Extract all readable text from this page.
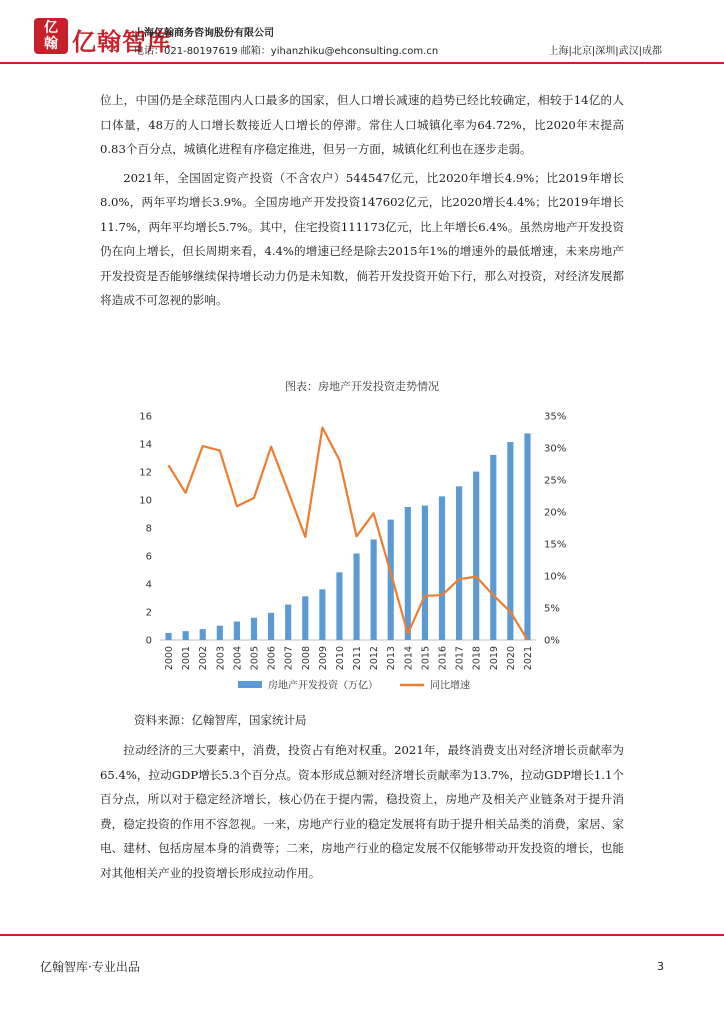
亿
翰 亿翰智库
上海亿翰商务咨询股份有限公司
电话：021-80197619 邮箱：yihanzhiku@ehconsulting.com.cn	上海|北京|深圳|武汉|成都

位上，中国仍是全球范围内人口最多的国家，但人口增长减速的趋势已经比较确定，相较于14亿的人口体量，48万的人口增长数接近人口增长的停滞。常住人口城镇化率为64.72%，比2020年末提高0.83个百分点，城镇化进程有序稳定推进，但另一方面，城镇化红利也在逐步走弱。

2021年，全国固定资产投资（不含农户）544547亿元，比2020年增长4.9%；比2019年增长8.0%，两年平均增长3.9%。全国房地产开发投资147602亿元，比2020增长4.4%；比2019年增长11.7%，两年平均增长5.7%。其中，住宅投资111173亿元，比上年增长6.4%。虽然房地产开发投资仍在向上增长，但长周期来看，4.4%的增速已经是除去2015年1%的增速外的最低增速，未来房地产开发投资是否能够继续保持增长动力仍是未知数，倘若开发投资开始下行，那么对投资，对经济发展都将造成不可忽视的影响。

图表：房地产开发投资走势情况
0
2
4
6
8
10
12
14
16
0%
5%
10%
15%
20%
25%
30%
35%
2000 2001 2002 2003 2004 2005 2006 2007 2008 2009 2010 2011 2012 2013 2014 2015 2016 2017 2018 2019 2020 2021
房地产开发投资（万亿）	同比增速
资料来源：亿翰智库，国家统计局

拉动经济的三大要素中，消费，投资占有绝对权重。2021年，最终消费支出对经济增长贡献率为65.4%，拉动GDP增长5.3个百分点。资本形成总额对经济增长贡献率为13.7%，拉动GDP增长1.1个百分点，所以对于稳定经济增长，核心仍在于提内需，稳投资上，房地产及相关产业链条对于提升消费，稳定投资的作用不容忽视。一来，房地产行业的稳定发展将有助于提升相关品类的消费，家居、家电、建材、包括房屋本身的消费等；二来，房地产行业的稳定发展不仅能够带动开发投资的增长，也能对其他相关产业的投资增长形成拉动作用。

亿翰智库·专业出品	3
